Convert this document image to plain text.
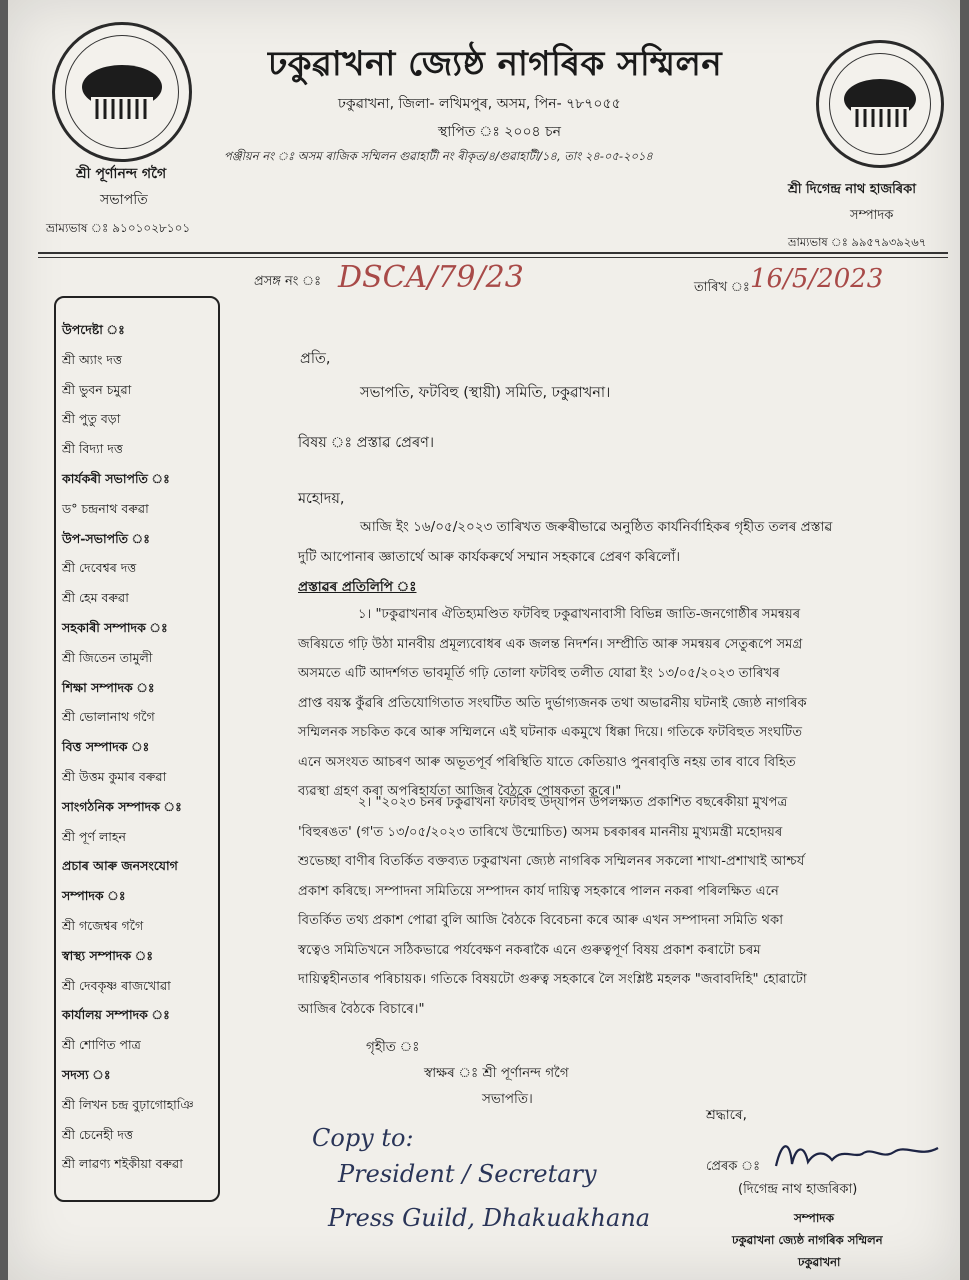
ঢকুৱাখনা জ্যেষ্ঠ নাগৰিক সম্মিলন
ঢকুৱাখনা, জিলা- লখিমপুৰ, অসম, পিন- ৭৮৭০৫৫
স্থাপিত ঃ ২০০৪ চন
পঞ্জীয়ন নং ঃ অসম ৰাজিক সম্মিলন গুৱাহাটী নং ৰীকৃত/৪/গুৱাহাটী/১৪, তাং ২৪-০৫-২০১৪
শ্ৰী পূৰ্ণানন্দ গগৈ
সভাপতি
ভ্ৰাম্যভাষ ঃ ৯১০১০২৮১০১
শ্ৰী দিগেন্দ্ৰ নাথ হাজৰিকা
সম্পাদক
ভ্ৰাম্যভাষ ঃ ৯৯৫৭৯৩৯২৬৭
প্ৰসঙ্গ নং ঃ DSCA/79/23	তাৰিখ ঃ 16/5/2023
উপদেষ্টা ঃ
শ্ৰী অ্যাং দত্ত
শ্ৰী ভুবন চমুৱা
শ্ৰী পুতু বড়া
শ্ৰী বিদ্যা দত্ত
কাৰ্যকৰী সভাপতি ঃ
ড° চন্দ্ৰনাথ বৰুৱা
উপ-সভাপতি ঃ
শ্ৰী দেবেশ্বৰ দত্ত
শ্ৰী হেম বৰুৱা
সহকাৰী সম্পাদক ঃ
শ্ৰী জিতেন তামুলী
শিক্ষা সম্পাদক ঃ
শ্ৰী ভোলানাথ গগৈ
বিত্ত সম্পাদক ঃ
শ্ৰী উত্তম কুমাৰ বৰুৱা
সাংগঠনিক সম্পাদক ঃ
শ্ৰী পূৰ্ণ লাহন
প্ৰচাৰ আৰু জনসংযোগ
সম্পাদক ঃ
শ্ৰী গজেশ্বৰ গগৈ
স্বাস্থ্য সম্পাদক ঃ
শ্ৰী দেবকৃষ্ণ ৰাজখোৱা
কাৰ্যালয় সম্পাদক ঃ
শ্ৰী শোণিত পাত্ৰ
সদস্য ঃ
শ্ৰী লিখন চন্দ্ৰ বুঢ়াগোহাঞি
শ্ৰী চেনেহী দত্ত
শ্ৰী লাৱণ্য শইকীয়া বৰুৱা
প্ৰতি,
সভাপতি, ফটবিহু (স্থায়ী) সমিতি, ঢকুৱাখনা।
বিষয় ঃ প্ৰস্তাৱ প্ৰেৰণ।
মহোদয়,
আজি ইং ১৬/০৫/২০২৩ তাৰিখত জৰুৰীভাৱে অনুষ্ঠিত কাৰ্যনিৰ্বাহিকৰ গৃহীত তলৰ প্ৰস্তাৱ
দুটি আপোনাৰ জ্ঞাতাৰ্থে আৰু কাৰ্যকৰুৰ্থে সম্মান সহকাৰে প্ৰেৰণ কৰিলোঁ।
প্ৰস্তাৱৰ প্ৰতিলিপি ঃ
১। "ঢকুৱাখনাৰ ঐতিহ্যমণ্ডিত ফটবিহু ঢকুৱাখনাবাসী বিভিন্ন জাতি-জনগোষ্ঠীৰ সমন্বয়ৰ
জৰিয়তে গঢ়ি উঠা মানবীয় প্ৰমূল্যবোধৰ এক জলন্ত নিদৰ্শন। সম্প্ৰীতি আৰু সমন্বয়ৰ সেতুৰূপে সমগ্ৰ
অসমতে এটি আদৰ্শগত ভাবমূৰ্তি গঢ়ি তোলা ফটবিহু তলীত যোৱা ইং ১৩/০৫/২০২৩ তাৰিখৰ
প্ৰাপ্ত বয়স্ক কুঁৱৰি প্ৰতিযোগিতাত সংঘটিত অতি দুৰ্ভাগ্যজনক তথা অভাৱনীয় ঘটনাই জ্যেষ্ঠ নাগৰিক
সম্মিলনক সচকিত কৰে আৰু সম্মিলনে এই ঘটনাক একমুখে ধিক্কা দিয়ে। গতিকে ফটবিহুত সংঘটিত
এনে অসংযত আচৰণ আৰু অভূতপূৰ্ব পৰিস্থিতি যাতে কেতিয়াও পুনৰাবৃত্তি নহয় তাৰ বাবে বিহিত
ব্যৱস্থা গ্ৰহণ কৰা অপৰিহাৰ্যতা আজিৰ বৈঠকে পোষকতা কৰে।"
২। "২০২৩ চনৰ ঢকুৱাখনা ফটবিহু উদ্‌যাপন উপলক্ষ্যত প্ৰকাশিত বছৰেকীয়া মুখপত্ৰ
'বিহুৰঙত' (গ'ত ১৩/০৫/২০২৩ তাৰিখে উন্মোচিত) অসম চৰকাৰৰ মাননীয় মুখ্যমন্ত্ৰী মহোদয়ৰ
শুভেচ্ছা বাণীৰ বিতৰ্কিত বক্তব্যত ঢকুৱাখনা জ্যেষ্ঠ নাগৰিক সম্মিলনৰ সকলো শাখা-প্ৰশাখাই আশ্চৰ্য
প্ৰকাশ কৰিছে। সম্পাদনা সমিতিয়ে সম্পাদন কাৰ্য দায়িত্ব সহকাৰে পালন নকৰা পৰিলক্ষিত এনে
বিতৰ্কিত তথ্য প্ৰকাশ পোৱা বুলি আজি বৈঠকে বিবেচনা কৰে আৰু এখন সম্পাদনা সমিতি থকা
স্বত্বেও সমিতিখনে সঠিকভাৱে পৰ্যবেক্ষণ নকৰাকৈ এনে গুৰুত্বপূৰ্ণ বিষয় প্ৰকাশ কৰাটো চৰম
দায়িত্বহীনতাৰ পৰিচায়ক। গতিকে বিষয়টো গুৰুত্ব সহকাৰে লৈ সংশ্লিষ্ট মহলক "জবাবদিহি" হোৱাটো
আজিৰ বৈঠকে বিচাৰে।"
গৃহীত ঃ
স্বাক্ষৰ ঃ শ্ৰী পূৰ্ণানন্দ গগৈ
সভাপতি।
শ্ৰদ্ধাৰে,
প্ৰেৰক ঃ
(দিগেন্দ্ৰ নাথ হাজৰিকা)
সম্পাদক
ঢকুৱাখনা জ্যেষ্ঠ নাগৰিক সম্মিলন
ঢকুৱাখনা
Copy to:
President / Secretary
Press Guild, Dhakuakhana
